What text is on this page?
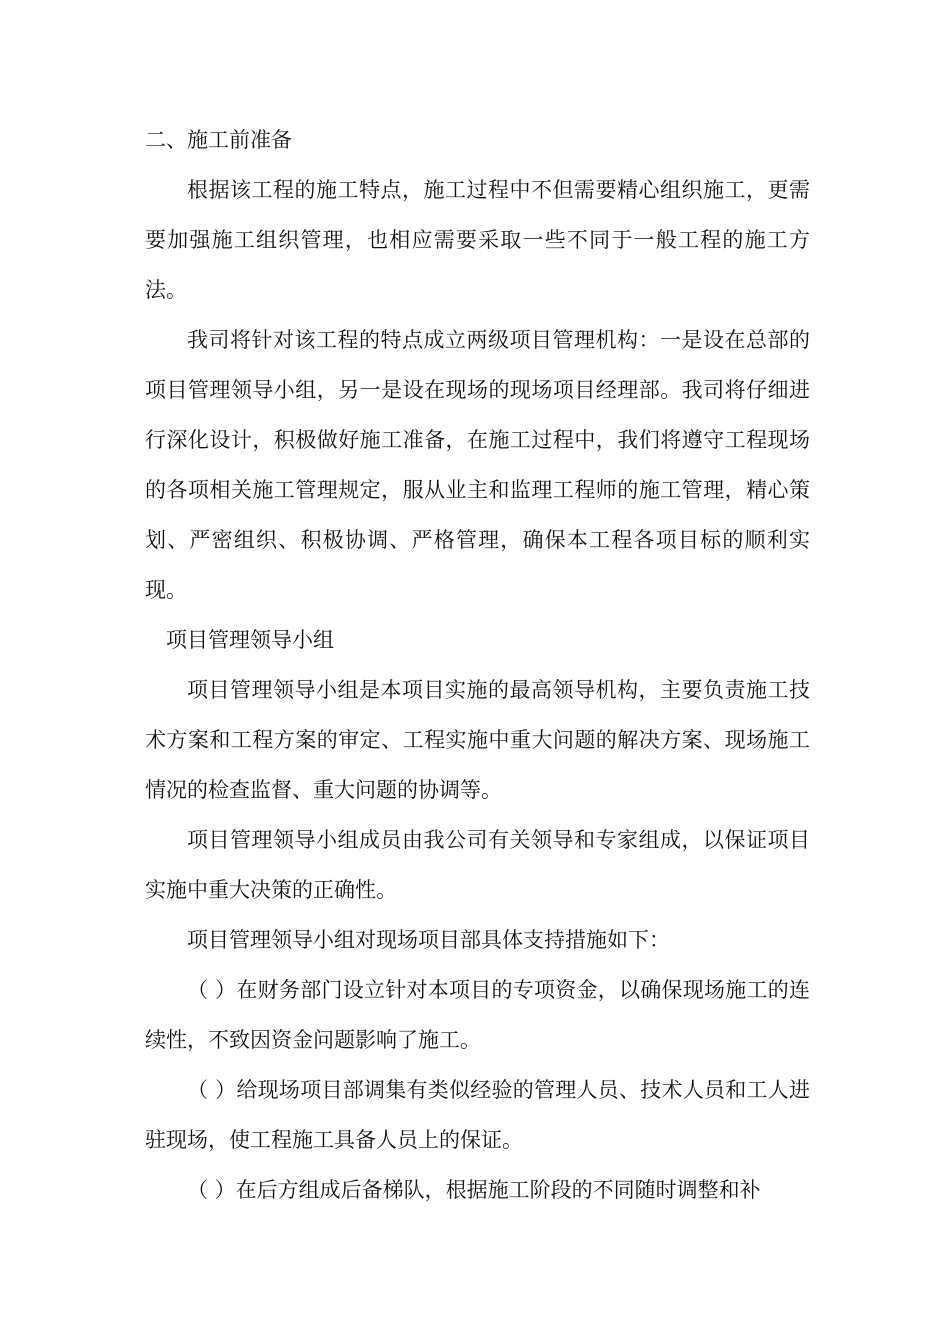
二、施工前准备

根据该工程的施工特点，施工过程中不但需要精心组织施工，更需要加强施工组织管理，也相应需要采取一些不同于一般工程的施工方法。

我司将针对该工程的特点成立两级项目管理机构：一是设在总部的项目管理领导小组，另一是设在现场的现场项目经理部。我司将仔细进行深化设计，积极做好施工准备，在施工过程中，我们将遵守工程现场的各项相关施工管理规定，服从业主和监理工程师的施工管理，精心策划、严密组织、积极协调、严格管理，确保本工程各项目标的顺利实现。

项目管理领导小组

项目管理领导小组是本项目实施的最高领导机构，主要负责施工技术方案和工程方案的审定、工程实施中重大问题的解决方案、现场施工情况的检查监督、重大问题的协调等。

项目管理领导小组成员由我公司有关领导和专家组成，以保证项目实施中重大决策的正确性。

项目管理领导小组对现场项目部具体支持措施如下：

（ ）在财务部门设立针对本项目的专项资金，以确保现场施工的连续性，不致因资金问题影响了施工。

（ ）给现场项目部调集有类似经验的管理人员、技术人员和工人进驻现场，使工程施工具备人员上的保证。

（ ）在后方组成后备梯队，根据施工阶段的不同随时调整和补
